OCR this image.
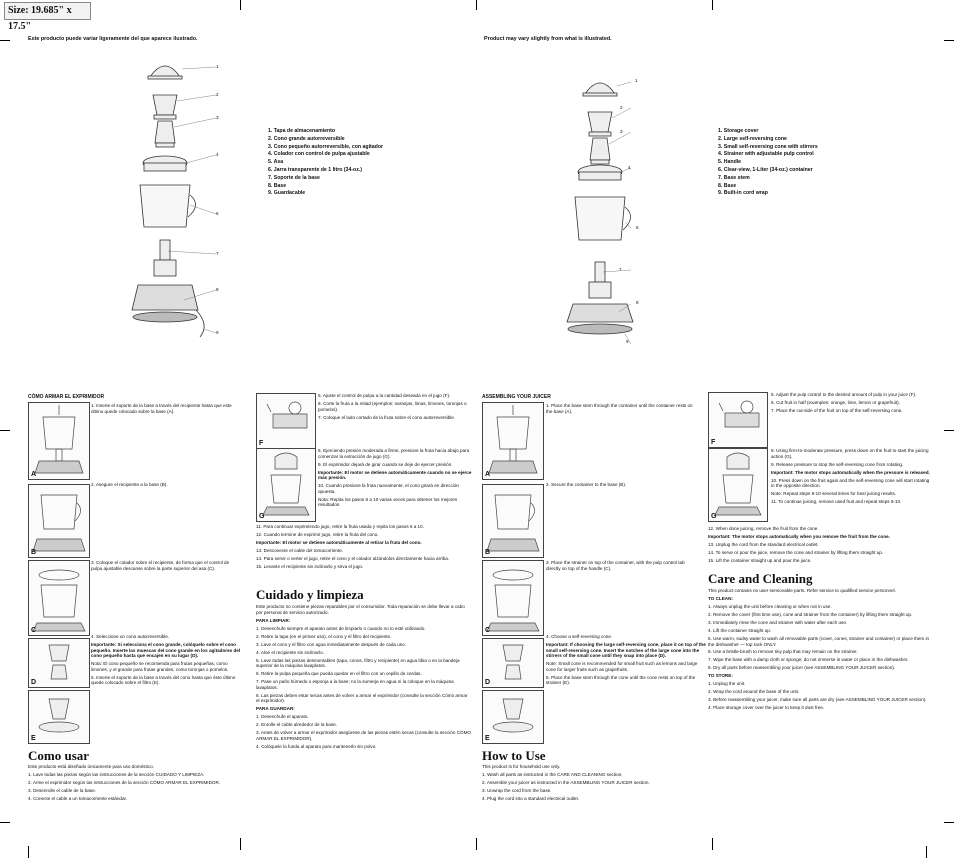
Size: 19.685" x 17.5"
Este producto puede variar ligeramente del que aparece ilustrado.
1
2
3
4
6
7
8
9
1. Tapa de almacenamiento
2. Cono grande autorreversible
3. Cono pequeño autorreversible, con agitador
4. Colador con control de pulpa ajustable
5. Asa
6. Jarra transparente de 1 litro (34-oz.)
7. Soporte de la base
8. Base
9. Guardacable
Product may vary slightly from what is illustrated.
1
2
3
4
6
7
8
9
1. Storage cover
2. Large self-reversing cone
3. Small self-reversing cone with stirrers
4. Strainer with adjustable pulp control
5. Handle
6. Clear-view, 1-Liter (34-oz.) container
7. Base stem
8. Base
9. Built-in cord wrap
CÓMO ARMAR EL EXPRIMIDOR
A
B
C
D
E
1. Inserte el soporte de la base a través del recipiente hasta que este último quede colocado sobre la base (A).
2. Asegure el recipiente a la base (B).
3. Coloque el colador sobre el recipiente, de forma que el control de pulpa ajustable descanse sobre la parte superior del asa (C).

4. Seleccione un cono autorreversible.

Importante: Si selecciona el cono grande, colóquelo sobre el cono pequeño. Inserte las muescas del cono grande en los agitadores del cono pequeño hasta que encajen en su lugar (D).

Nota: El cono pequeño se recomienda para frutas pequeñas, como limones, y el grande para frutas grandes, como toronjas o pomelos.

5. Inserte el soporte de la base a través del cono hasta que éste último quede colocado sobre el filtro (E).

Como usar

Este producto está diseñado únicamente para uso doméstico.

1. Lave todas las piezas según las instrucciones de la sección CUIDADO Y LIMPIEZA.

2. Arme el exprimidor según las instrucciones de la sección CÓMO ARMAR EL EXPRIMIDOR.

3. Desenrolle el cable de la base.

4. Conecte el cable a un tomacorriente estándar.

F
G

5. Ajuste el control de pulpa a la cantidad deseada en el jugo (F).

6. Corte la fruta a la mitad (ejemplos: naranjas, limas, limones, toronjas o pomelos).

7. Coloque el lado cortado de la fruta sobre el cono autorreversible.

8. Ejerciendo presión moderada a firme, presione la fruta hacia abajo para comenzar la extracción de jugo (G).

9. El exprimidor dejará de girar cuando se deje de ejercer presión.

Importante: El motor se detiene automáticamente cuando no se ejerce más presión.

10. Cuando presione la fruta nuevamente, el cono girará en dirección opuesta.

Nota: Repita los pasos 8 a 10 varias veces para obtener los mejores resultados.

11. Para continuar exprimiendo jugo, retire la fruta usada y repita los pasos 6 a 10.

12. Cuando termine de exprimir jugo, retire la fruta del cono.

Importante: El motor se detiene automáticamente al retirar la fruta del cono.

13. Desconecte el cable del tomacorriente.

14. Para servir o verter el jugo, retire el cono y el colador alzándolos directamente hacia arriba.

15. Levante el recipiente sin inclinarlo y sirva el jugo.

Cuidado y limpieza

Este producto no contiene piezas reparables por el consumidor. Toda reparación se debe llevar a cabo por personal de servicio autorizado.

PARA LIMPIAR:

1. Desenchufe siempre el aparato antes de limpiarlo o cuando no lo esté utilizando.

2. Retire la tapa (en el primer uso), el cono y el filtro del recipiente.

3. Lave el cono y el filtro con agua inmediatamente después de cada uso.

4. Aloe el recipiente sin inclinarlo.

5. Lave todas las piezas desmontables (tapa, conos, filtro y recipiente) en agua tibia o en la bandeja superior de la máquina lavaplatos.

6. Retire la pulpa pequeña que pueda quedar en el filtro con un cepillo de cerdas.

7. Pase un paño húmedo o esponja a la base; no la sumerja en agua ni la coloque en la máquina lavaplatos.

8. Las piezas deben estar secas antes de volver a armar el exprimidor (consulte la sección Cómo armar el exprimidor).

PARA GUARDAR:

1. Desenchufe el aparato.

2. Enrolle el cable alrededor de la base.

3. Antes de volver a armar el exprimidor asegúrese de las piezas estén secas (consulte la sección CÓMO ARMAR EL EXPRIMIDOR).

4. Colóquele la funda al aparato para mantenerlo sin polvo.

ASSEMBLING YOUR JUICER
A
B
C
D
E
1. Place the base stem through the container until the container rests on the base (A).
2. Secure the container to the base (B).
3. Place the strainer on top of the container, with the pulp control tab directly on top of the handle (C).

4. Choose a self-reversing cone.

Important: If choosing the large self-reversing cone, place it on top of the small self-reversing cone. Insert the notches of the large cone into the stirrers of the small cone until they snap into place (D).

Note: Small cone is recommended for small fruit such as lemons and large cone for larger fruits such as grapefruits.

5. Place the base stem through the cone until the cone rests on top of the strainer (E).

How to Use

This product is for household use only.

1. Wash all parts as instructed in the CARE AND CLEANING section.

2. Assemble your juicer as instructed in the ASSEMBLING YOUR JUICER section.

3. Unwrap the cord from the base.

4. Plug the cord into a standard electrical outlet.

F
G

5. Adjust the pulp control to the desired amount of pulp in your juice (F).

6. Cut fruit in half (examples: orange, lime, lemon or grapefruit).

7. Place the cut-side of the fruit on top of the self-reversing cone.

8. Using firm-to-moderate pressure, press down on the fruit to start the juicing action (G).

9. Release pressure to stop the self-reversing cone from rotating.

Important: The motor stops automatically when the pressure is released.

10. Press down on the fruit again and the self-reversing cone will start rotating in the opposite direction.

Note: Repeat steps 8-10 several times for best juicing results.

11. To continue juicing, remove used fruit and repeat steps 6-10.

12. When done juicing, remove the fruit from the cone.

Important: The motor stops automatically when you remove the fruit from the cone.

13. Unplug the cord from the standard electrical outlet.

14. To serve or pour the juice, remove the cone and strainer by lifting them straight up.

15. Lift the container straight up and pour the juice.

Care and Cleaning

This product contains no user serviceable parts. Refer service to qualified service personnel.

TO CLEAN:

1. Always unplug the unit before cleaning or when not in use.

2. Remove the cover (first time use), cone and strainer from the container) by lifting them straight up.

3. Immediately rinse the cone and strainer with water after each use.

4. Lift the container straight up.

5. Use warm, sudsy water to wash all removable parts (cover, cones, strainer and container) or place them in the dishwasher — top rack ONLY.

6. Use a bristle-brush to remove tiny pulp that may remain on the strainer.

7. Wipe the base with a damp cloth or sponge; do not immerse in water or place in the dishwasher.

8. Dry all parts before reassembling your juicer (see ASSEMBLING YOUR JUICER section).

TO STORE:

1. Unplug the unit.

2. Wrap the cord around the base of the unit.

3. Before reassembling your juicer, make sure all parts are dry (see ASSEMBLING YOUR JUICER section).

4. Place storage cover over the juicer to keep it dust free.
